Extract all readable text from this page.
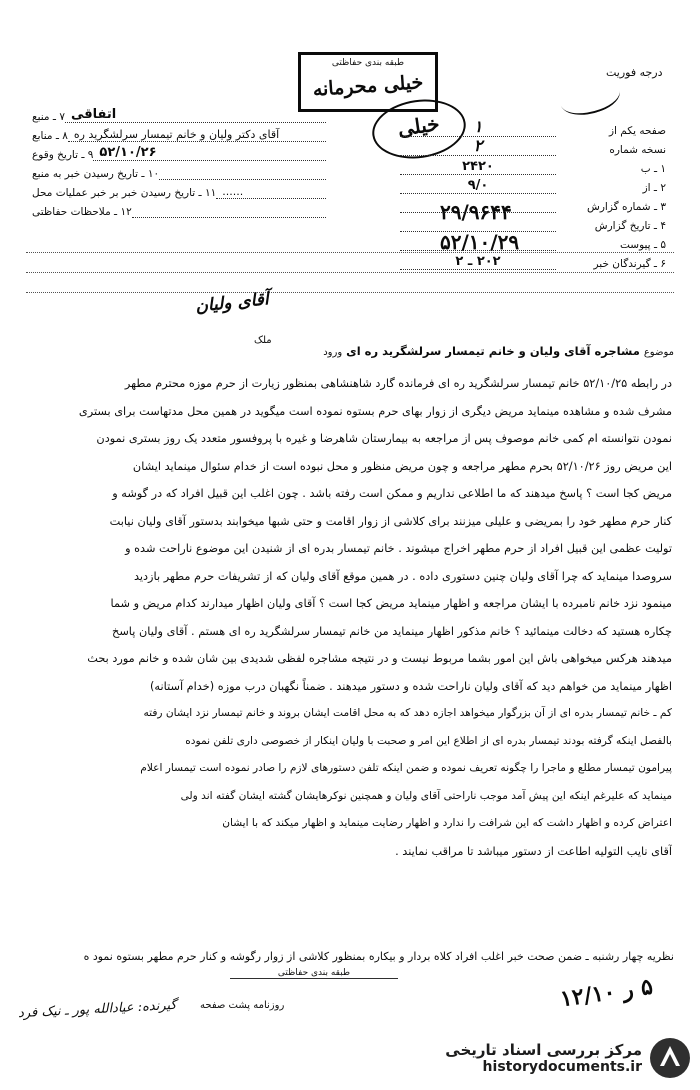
طبقه بندی حفاظتی
خیلی محرمانه
خیلی
درجه فوریت
اتفاقی
۷ ـ منبع
آقای دکتر ولیان و خانم تیمسار سرلشگرید ره
۸ ـ منابع
۵۲/۱۰/۲۶
۹ ـ تاریخ وقوع
۱۰ ـ تاریخ رسیدن خبر به منبع
......
۱۱ ـ تاریخ رسیدن خبر بر خبر عملیات محل
۱۲ ـ ملاحظات حفاظتی
صفحه یکم از
۱
نسخه شماره
۲
۱ ـ ب
۲۴۲۰
۲ ـ از
۹/۰
۳ ـ شماره گزارش
۴ ـ تاریخ گزارش
۵ ـ پیوست
۶ ـ گیرندگان خبر
۲۰۲ ـ ۲
۲۹/۹۶۴۴
۵۲/۱۰/۲۹
آقای ولیان
ملک
موضوع مشاجره آقای ولیان و خانم تیمسار سرلشگرید ره ای ورود

در رابطه ۵۲/۱۰/۲۵ خانم تیمسار سرلشگرید ره ای فرمانده گارد شاهنشاهی بمنظور زیارت از حرم موزه محترم مطهر

مشرف شده و مشاهده مینماید مریض دیگری از زوار بهای حرم بستوه نموده است میگوید در همین محل مدتهاست برای بستری

نمودن نتوانسته ام کمی خانم موصوف پس از مراجعه به بیمارستان شاهرضا و غیره با پروفسور متعدد یک روز بستری نمودن

این مریض روز ۵۲/۱۰/۲۶ بحرم مطهر مراجعه و چون مریض منظور و محل نبوده است از خدام سئوال مینماید ایشان

مریض کجا است ؟ پاسخ میدهند که ما اطلاعی نداریم و ممکن است رفته باشد . چون اغلب این قبیل افراد که در گوشه و

کنار حرم مطهر خود را بمریضی و علیلی میزنند برای کلاشی از زوار اقامت و حتی شبها میخوابند بدستور آقای ولیان نیابت

تولیت عظمی این قبیل افراد از حرم مطهر اخراج میشوند . خانم تیمسار بدره ای از شنیدن این موضوع ناراحت شده و

سروصدا مینماید که چرا آقای ولیان چنین دستوری داده . در همین موقع آقای ولیان که از تشریفات حرم مطهر بازدید

مینمود نزد خانم نامبرده با ایشان مراجعه و اظهار مینماید مریض کجا است ؟ آقای ولیان اظهار میدارند کدام مریض و شما

چکاره هستید که دخالت مینمائید ؟ خانم مذکور اظهار مینماید من خانم تیمسار سرلشگرید ره ای هستم . آقای ولیان پاسخ

میدهند هرکس میخواهی باش این امور بشما مربوط نیست و در نتیجه مشاجره لفظی شدیدی بین شان شده و خانم مورد بحث

اظهار مینماید من خواهم دید که آقای ولیان ناراحت شده و دستور میدهند . ضمناً نگهبان درب موزه (خدام آستانه)

کم ـ خانم تیمسار بدره ای از آن بزرگوار میخواهد اجازه دهد که به محل اقامت ایشان بروند و خانم تیمسار نزد ایشان رفته

بالفصل اینکه گرفته بودند تیمسار بدره ای از اطلاع این امر و صحبت با ولیان اینکار از خصوصی داری تلفن نموده

پیرامون تیمسار مطلع و ماجرا را چگونه تعریف نموده و ضمن اینکه تلفن دستورهای لازم را صادر نموده است تیمسار اعلام

مینماید که علیرغم اینکه این پیش آمد موجب ناراحتی آقای ولیان و همچنین نوکرهایشان گشته ایشان گفته اند ولی

اعتراض کرده و اظهار داشت که این شرافت را ندارد و اظهار رضایت مینماید و اظهار میکند که با ایشان

آقای نایب التولیه اطاعت از دستور میباشد تا مراقب نمایند .

نظریه چهار رشنبه ـ ضمن صحت خبر اغلب افراد کلاه بردار و بیکاره بمنظور کلاشی از زوار رگوشه و کنار حرم مطهر بستوه نمود ه
طبقه بندی حفاظتی
روزنامه پشت صفحه	۵ ر ۱۲/۱۰
گیرنده: عیادالله پور ـ نیک فرد
مرکز بررسی اسناد تاریخی
historydocuments.ir
